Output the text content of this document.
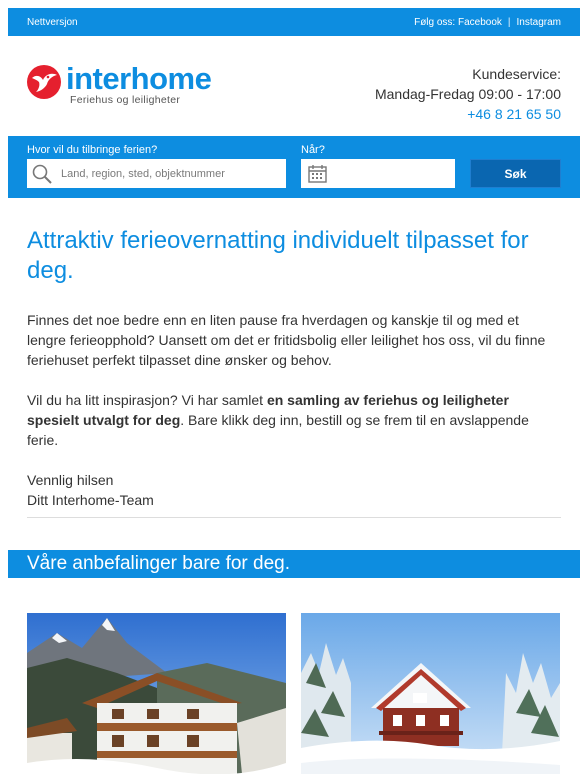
Nettversjon	Følg oss: Facebook | Instagram
interhome
Feriehus og leiligheter
Kundeservice:
Mandag-Fredag 09:00 - 17:00
+46 8 21 65 50
Hvor vil du tilbringe ferien?
Land, region, sted, objektnummer
Når?
Søk
Attraktiv ferieovernatting individuelt tilpasset for deg.

Finnes det noe bedre enn en liten pause fra hverdagen og kanskje til og med et lengre ferieopphold? Uansett om det er fritidsbolig eller leilighet hos oss, vil du finne feriehuset perfekt tilpasset dine ønsker og behov.

Vil du ha litt inspirasjon? Vi har samlet en samling av feriehus og leiligheter spesielt utvalgt for deg. Bare klikk deg inn, bestill og se frem til en avslappende ferie.

Vennlig hilsen
Ditt Interhome-Team

Våre anbefalinger bare for deg.
